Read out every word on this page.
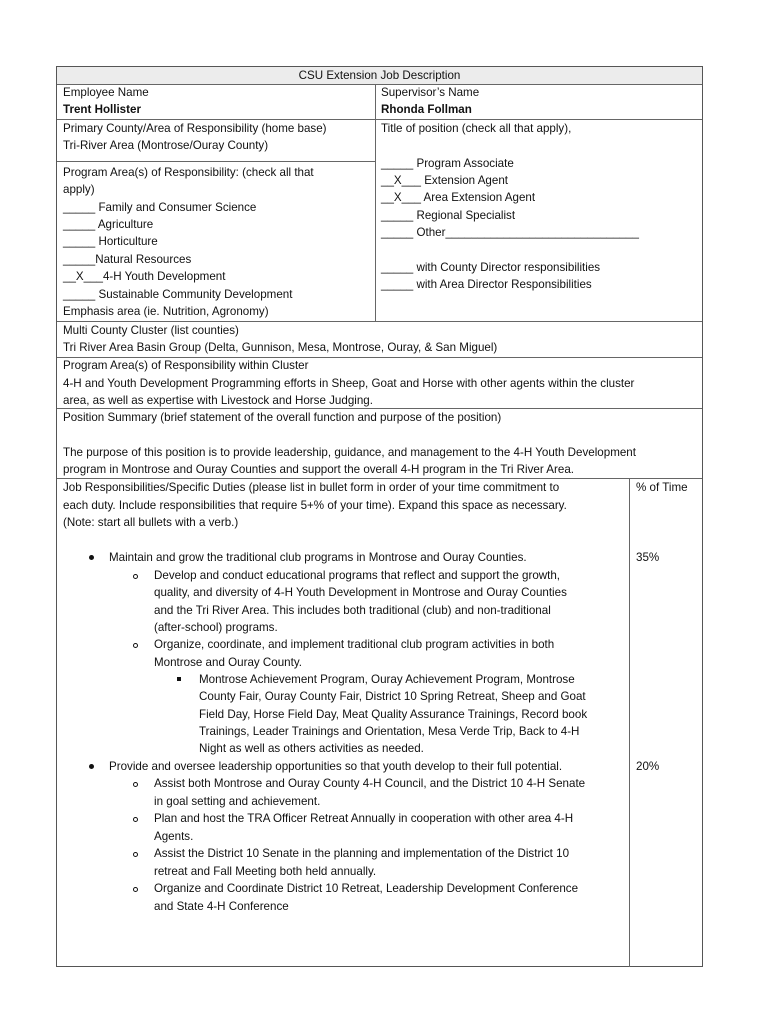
CSU Extension Job Description
Employee Name
Trent Hollister
Supervisor’s Name
Rhonda Follman
Primary County/Area of Responsibility (home base)
Tri-River Area (Montrose/Ouray County)
Program Area(s) of Responsibility: (check all that
apply)
_____ Family and Consumer Science
_____ Agriculture
_____ Horticulture
_____Natural Resources
__X___4-H Youth Development
_____ Sustainable Community Development
Emphasis area (ie. Nutrition, Agronomy)
Title of position (check all that apply),
_____ Program Associate
__X___ Extension Agent
__X___ Area Extension Agent
_____ Regional Specialist
_____ Other______________________________
_____ with County Director responsibilities
_____ with Area Director Responsibilities
Multi County Cluster (list counties)
Tri River Area Basin Group (Delta, Gunnison, Mesa, Montrose, Ouray, & San Miguel)
Program Area(s) of Responsibility within Cluster
4-H and Youth Development Programming efforts in Sheep, Goat and Horse with other agents within the cluster
area, as well as expertise with Livestock and Horse Judging.
Position Summary (brief statement of the overall function and purpose of the position)
The purpose of this position is to provide leadership, guidance, and management to the 4-H Youth Development
program in Montrose and Ouray Counties and support the overall 4-H program in the Tri River Area.
Job Responsibilities/Specific Duties (please list in bullet form in order of your time commitment to
each duty. Include responsibilities that require 5+% of your time). Expand this space as necessary.
(Note: start all bullets with a verb.)
% of Time
Maintain and grow the traditional club programs in Montrose and Ouray Counties.	35%
Develop and conduct educational programs that reflect and support the growth,
quality, and diversity of 4-H Youth Development in Montrose and Ouray Counties
and the Tri River Area. This includes both traditional (club) and non-traditional
(after-school) programs.
Organize, coordinate, and implement traditional club program activities in both
Montrose and Ouray County.
Montrose Achievement Program, Ouray Achievement Program, Montrose
County Fair, Ouray County Fair, District 10 Spring Retreat, Sheep and Goat
Field Day, Horse Field Day, Meat Quality Assurance Trainings, Record book
Trainings, Leader Trainings and Orientation, Mesa Verde Trip, Back to 4-H
Night as well as others activities as needed.
Provide and oversee leadership opportunities so that youth develop to their full potential.	20%
Assist both Montrose and Ouray County 4-H Council, and the District 10 4-H Senate
in goal setting and achievement.
Plan and host the TRA Officer Retreat Annually in cooperation with other area 4-H
Agents.
Assist the District 10 Senate in the planning and implementation of the District 10
retreat and Fall Meeting both held annually.
Organize and Coordinate District 10 Retreat, Leadership Development Conference
and State 4-H Conference
